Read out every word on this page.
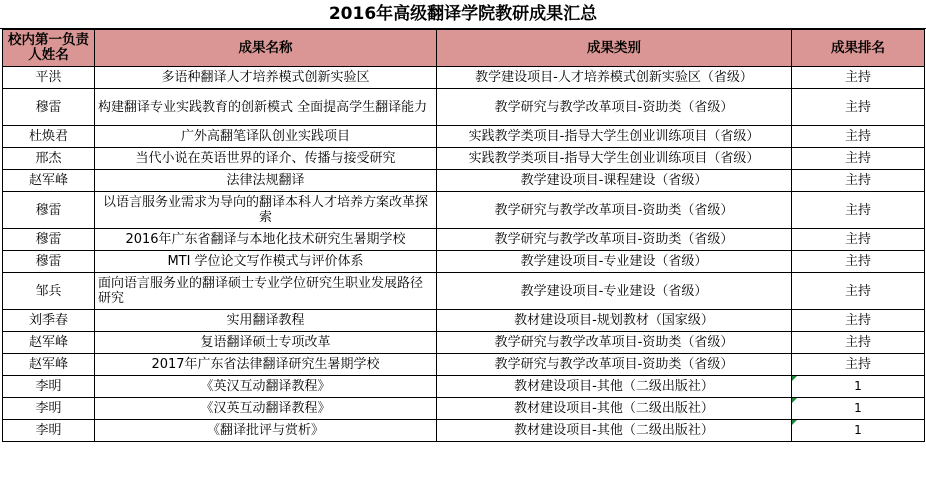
2016年高级翻译学院教研成果汇总
校内第一负责人姓名	成果名称	成果类别	成果排名
平洪	多语种翻译人才培养模式创新实验区	教学建设项目-人才培养模式创新实验区（省级）	主持
穆雷	构建翻译专业实践教育的创新模式 全面提高学生翻译能力	教学研究与教学改革项目-资助类（省级）	主持
杜焕君	广外高翻笔译队创业实践项目	实践教学类项目-指导大学生创业训练项目（省级）	主持
邢杰	当代小说在英语世界的译介、传播与接受研究	实践教学类项目-指导大学生创业训练项目（省级）	主持
赵军峰	法律法规翻译	教学建设项目-课程建设（省级）	主持
穆雷	以语言服务业需求为导向的翻译本科人才培养方案改革探索	教学研究与教学改革项目-资助类（省级）	主持
穆雷	2016年广东省翻译与本地化技术研究生暑期学校	教学研究与教学改革项目-资助类（省级）	主持
穆雷	MTI 学位论文写作模式与评价体系	教学建设项目-专业建设（省级）	主持
邹兵	面向语言服务业的翻译硕士专业学位研究生职业发展路径研究	教学建设项目-专业建设（省级）	主持
刘季春	实用翻译教程	教材建设项目-规划教材（国家级）	主持
赵军峰	复语翻译硕士专项改革	教学研究与教学改革项目-资助类（省级）	主持
赵军峰	2017年广东省法律翻译研究生暑期学校	教学研究与教学改革项目-资助类（省级）	主持
李明	《英汉互动翻译教程》	教材建设项目-其他（二级出版社）	1
李明	《汉英互动翻译教程》	教材建设项目-其他（二级出版社）	1
李明	《翻译批评与赏析》	教材建设项目-其他（二级出版社）	1
